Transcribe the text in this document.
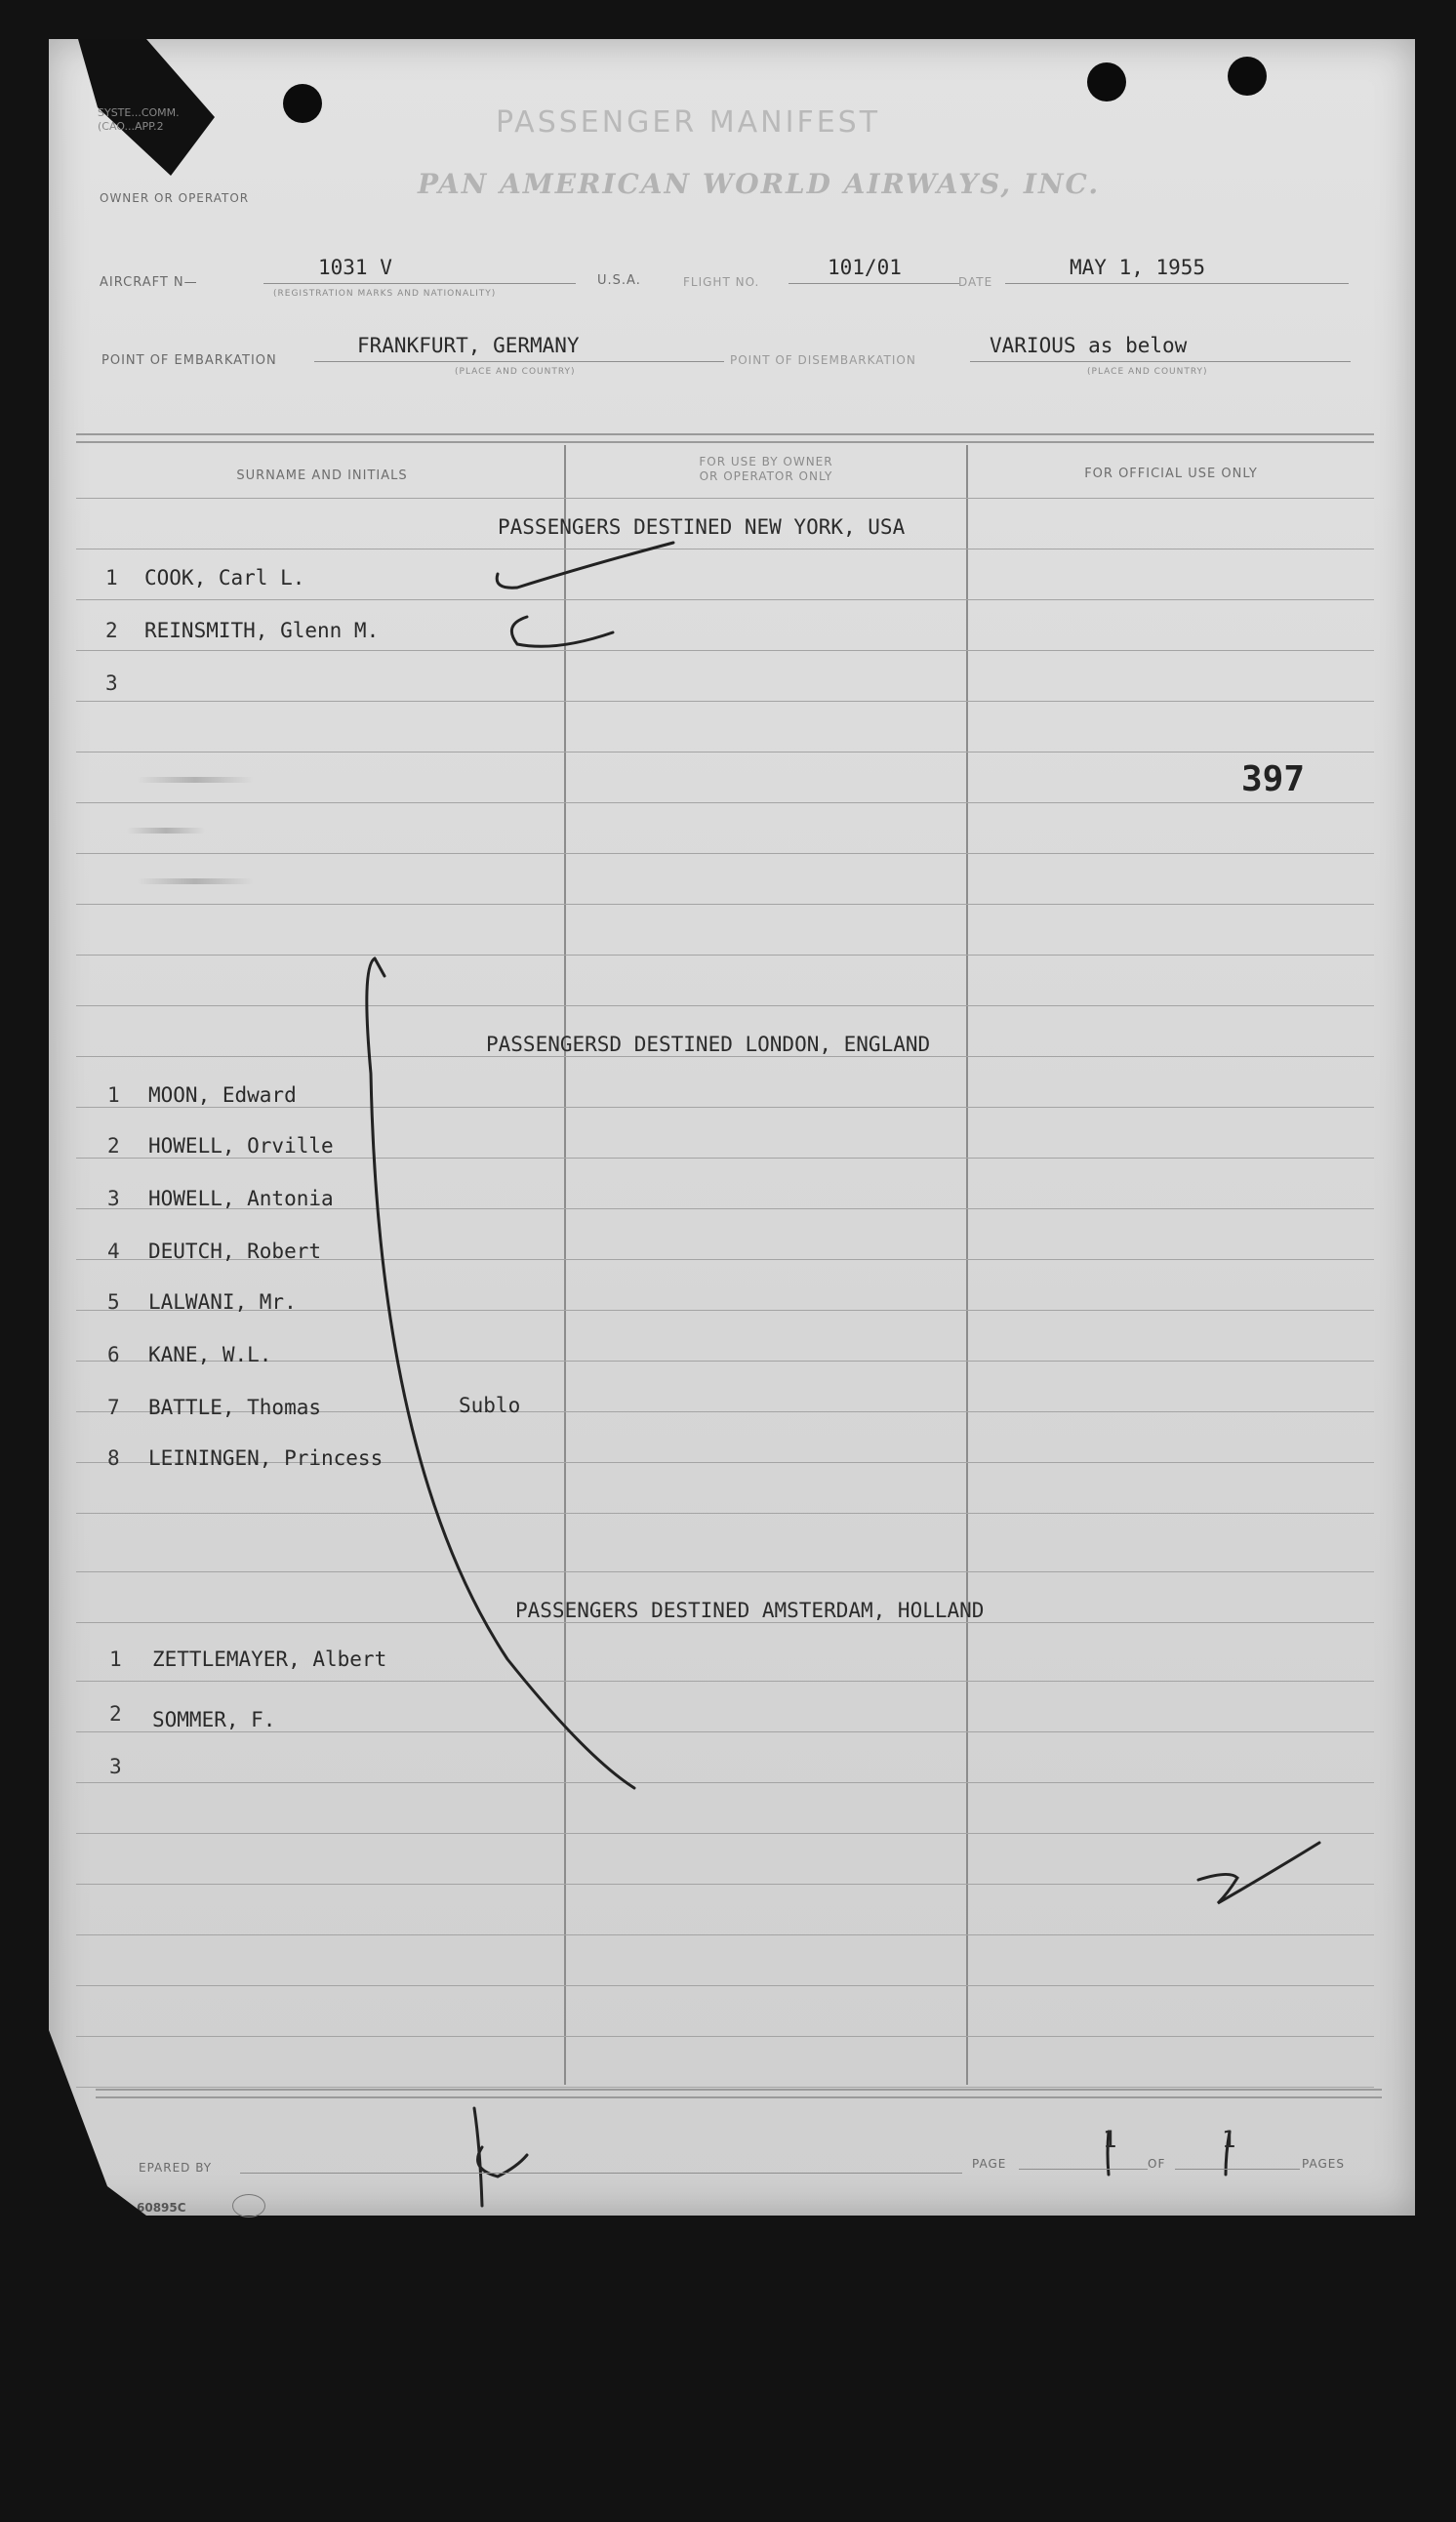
SYSTE...COMM.
(CAO...APP.2	PASSENGER MANIFEST
PAN AMERICAN WORLD AIRWAYS, INC.
OWNER OR OPERATOR
AIRCRAFT N—
1031 V
(REGISTRATION MARKS AND NATIONALITY)
U.S.A.	FLIGHT NO.
101/01
DATE
MAY 1, 1955
POINT OF EMBARKATION
FRANKFURT, GERMANY
(PLACE AND COUNTRY)
POINT OF DISEMBARKATION
VARIOUS as below
(PLACE AND COUNTRY)
SURNAME AND INITIALS
FOR USE BY OWNER
OR OPERATOR ONLY	FOR OFFICIAL USE ONLY
PASSENGERS DESTINED NEW YORK, USA
1 COOK, Carl L.
2 REINSMITH, Glenn M.
3
397
PASSENGERSD DESTINED LONDON, ENGLAND
1 MOON, Edward
2 HOWELL, Orville
3 HOWELL, Antonia
4 DEUTCH, Robert
5 LALWANI, Mr.
6 KANE, W.L.
7 BATTLE, Thomas	Sublo
8 LEININGEN, Princess
PASSENGERS DESTINED AMSTERDAM, HOLLAND
1 ZETTLEMAYER, Albert
2 SOMMER, F.
3
EPARED BY	PAGE
1
OF
1
PAGES
60895C
